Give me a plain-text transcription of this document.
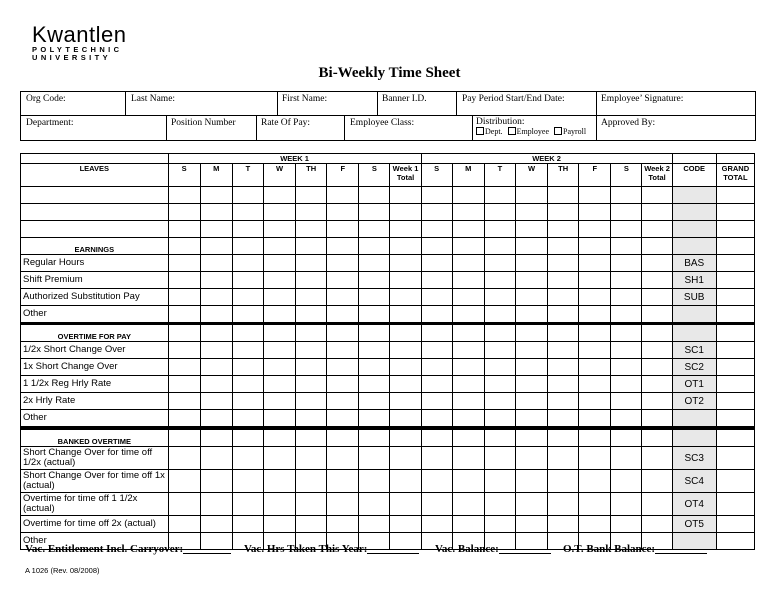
Kwantlen
POLYTECHNIC
UNIVERSITY
Bi-Weekly Time Sheet
Org Code:	Last Name:	First Name:	Banner I.D.	Pay Period Start/End Date:	Employee’ Signature:
Department:	Position Number	Rate Of Pay:	Employee Class:	Distribution:
Dept. Employee Payroll
Approved By:
	WEEK 1								WEEK 2									
LEAVES	S	M	T	W	TH	F	S	Week 1 Total	S	M	T	W	TH	F	S	Week 2 Total	CODE	GRAND TOTAL

EARNINGS																		
Regular Hours																	BAS	
Shift Premium																	SH1	
Authorized Substitution Pay																	SUB	
Other																		
OVERTIME FOR PAY																		
1/2x Short Change Over																	SC1	
1x Short Change Over																	SC2	
1 1/2x Reg Hrly Rate																	OT1	
2x Hrly Rate																	OT2	
Other																		
BANKED OVERTIME																		
Short Change Over for time off 1/2x (actual)																	SC3	
Short Change Over for time off 1x (actual)																	SC4	
Overtime for time off 1 1/2x (actual)																	OT4	
Overtime for time off 2x (actual)																	OT5	
Other																		
Vac. Entitlement Incl. Carryover:	Vac. Hrs Taken This Year:	Vac. Balance:	O.T. Bank Balance:
A 1026 (Rev. 08/2008)
